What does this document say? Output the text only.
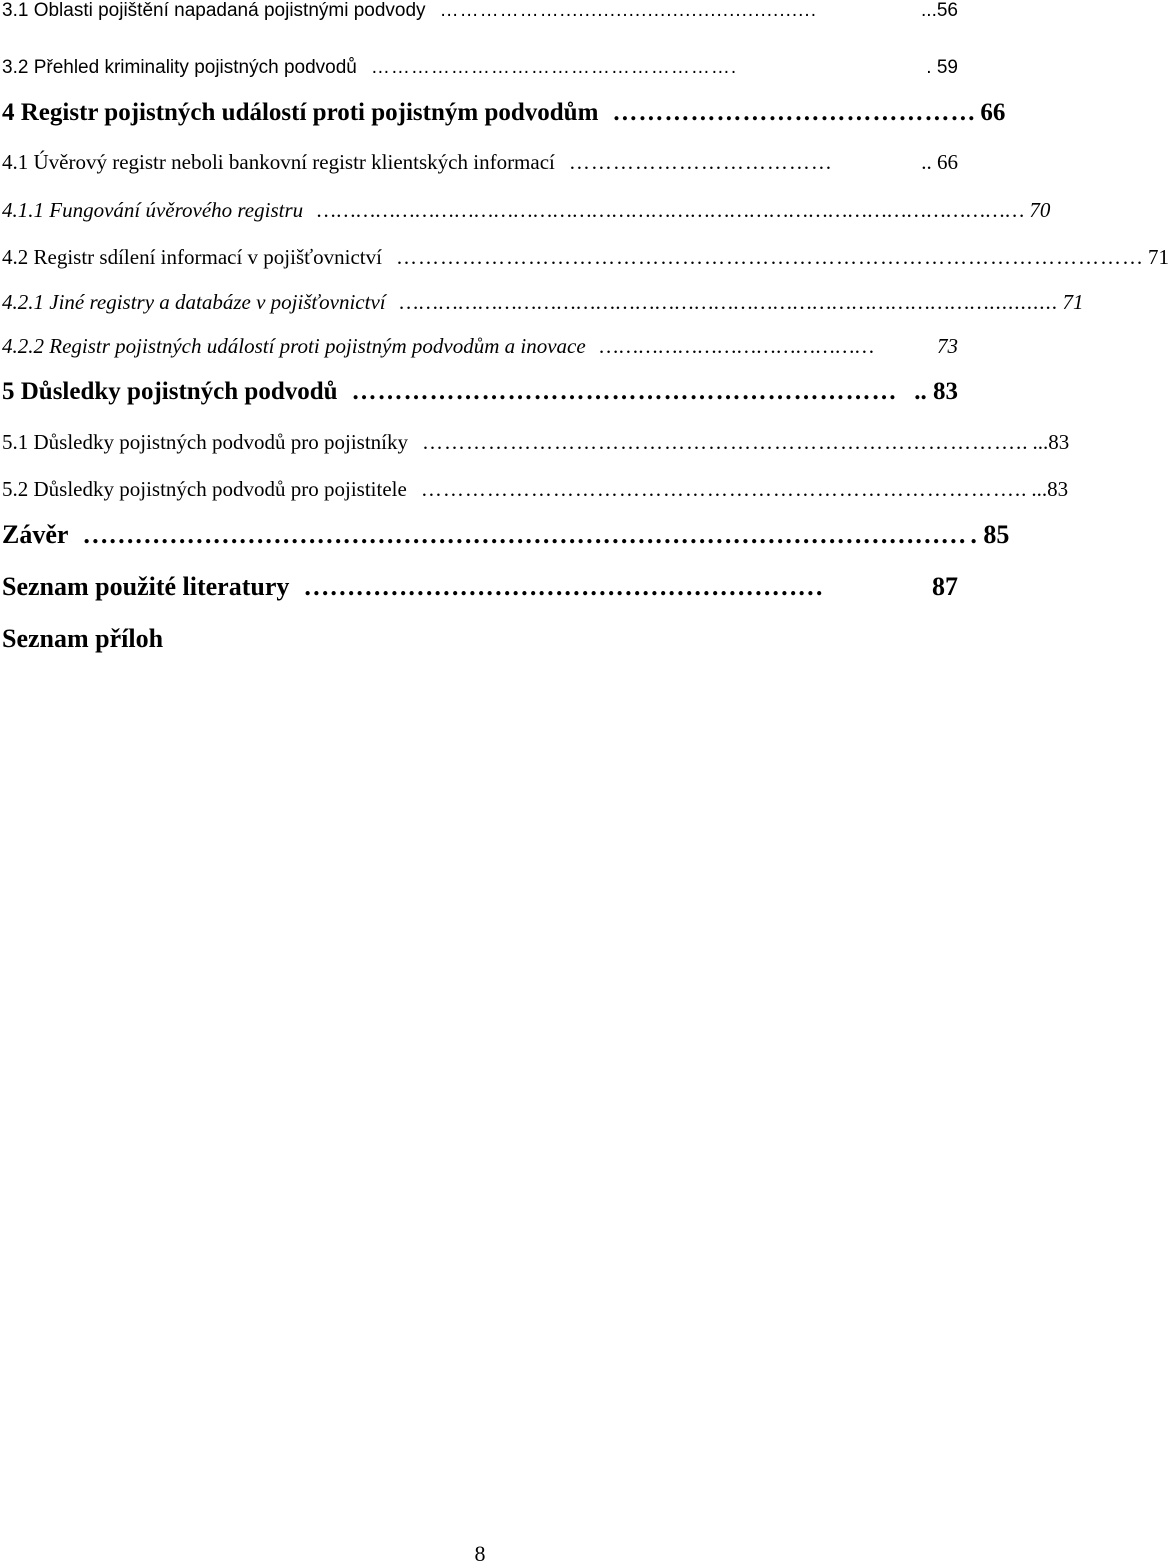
3.1 Oblasti pojištění napadaná pojistnými podvody ……………….........................................	...56
3.2 Přehled kriminality pojistných podvodů ……………………………………………….	. 59
4 Registr pojistných událostí proti pojistným podvodům …………………………………… 66
4.1 Úvěrový registr neboli bankovní registr klientských informací ………………………………	.. 66
4.1.1 Fungování úvěrového registru ……………………………………………………………………………………………… 70
4.2 Registr sdílení informací v pojišťovnictví ………………………………………………………………………………………… 71
4.2.1 Jiné registry a databáze v pojišťovnictví ………………………………………………………………………………........... 71
4.2.2 Registr pojistných událostí proti pojistným podvodům a inovace ……………………………………	73
5 Důsledky pojistných podvodů ……………………………………………………… .. 83
5.1 Důsledky pojistných podvodů pro pojistníky ……………………………………………………………………….. ...83
5.2 Důsledky pojistných podvodů pro pojistitele ……………………………………………………………………….. ...83
Závěr ………………………………………………………………………………………… . 85
Seznam použité literatury ……………………………………………………	87
Seznam příloh
8
